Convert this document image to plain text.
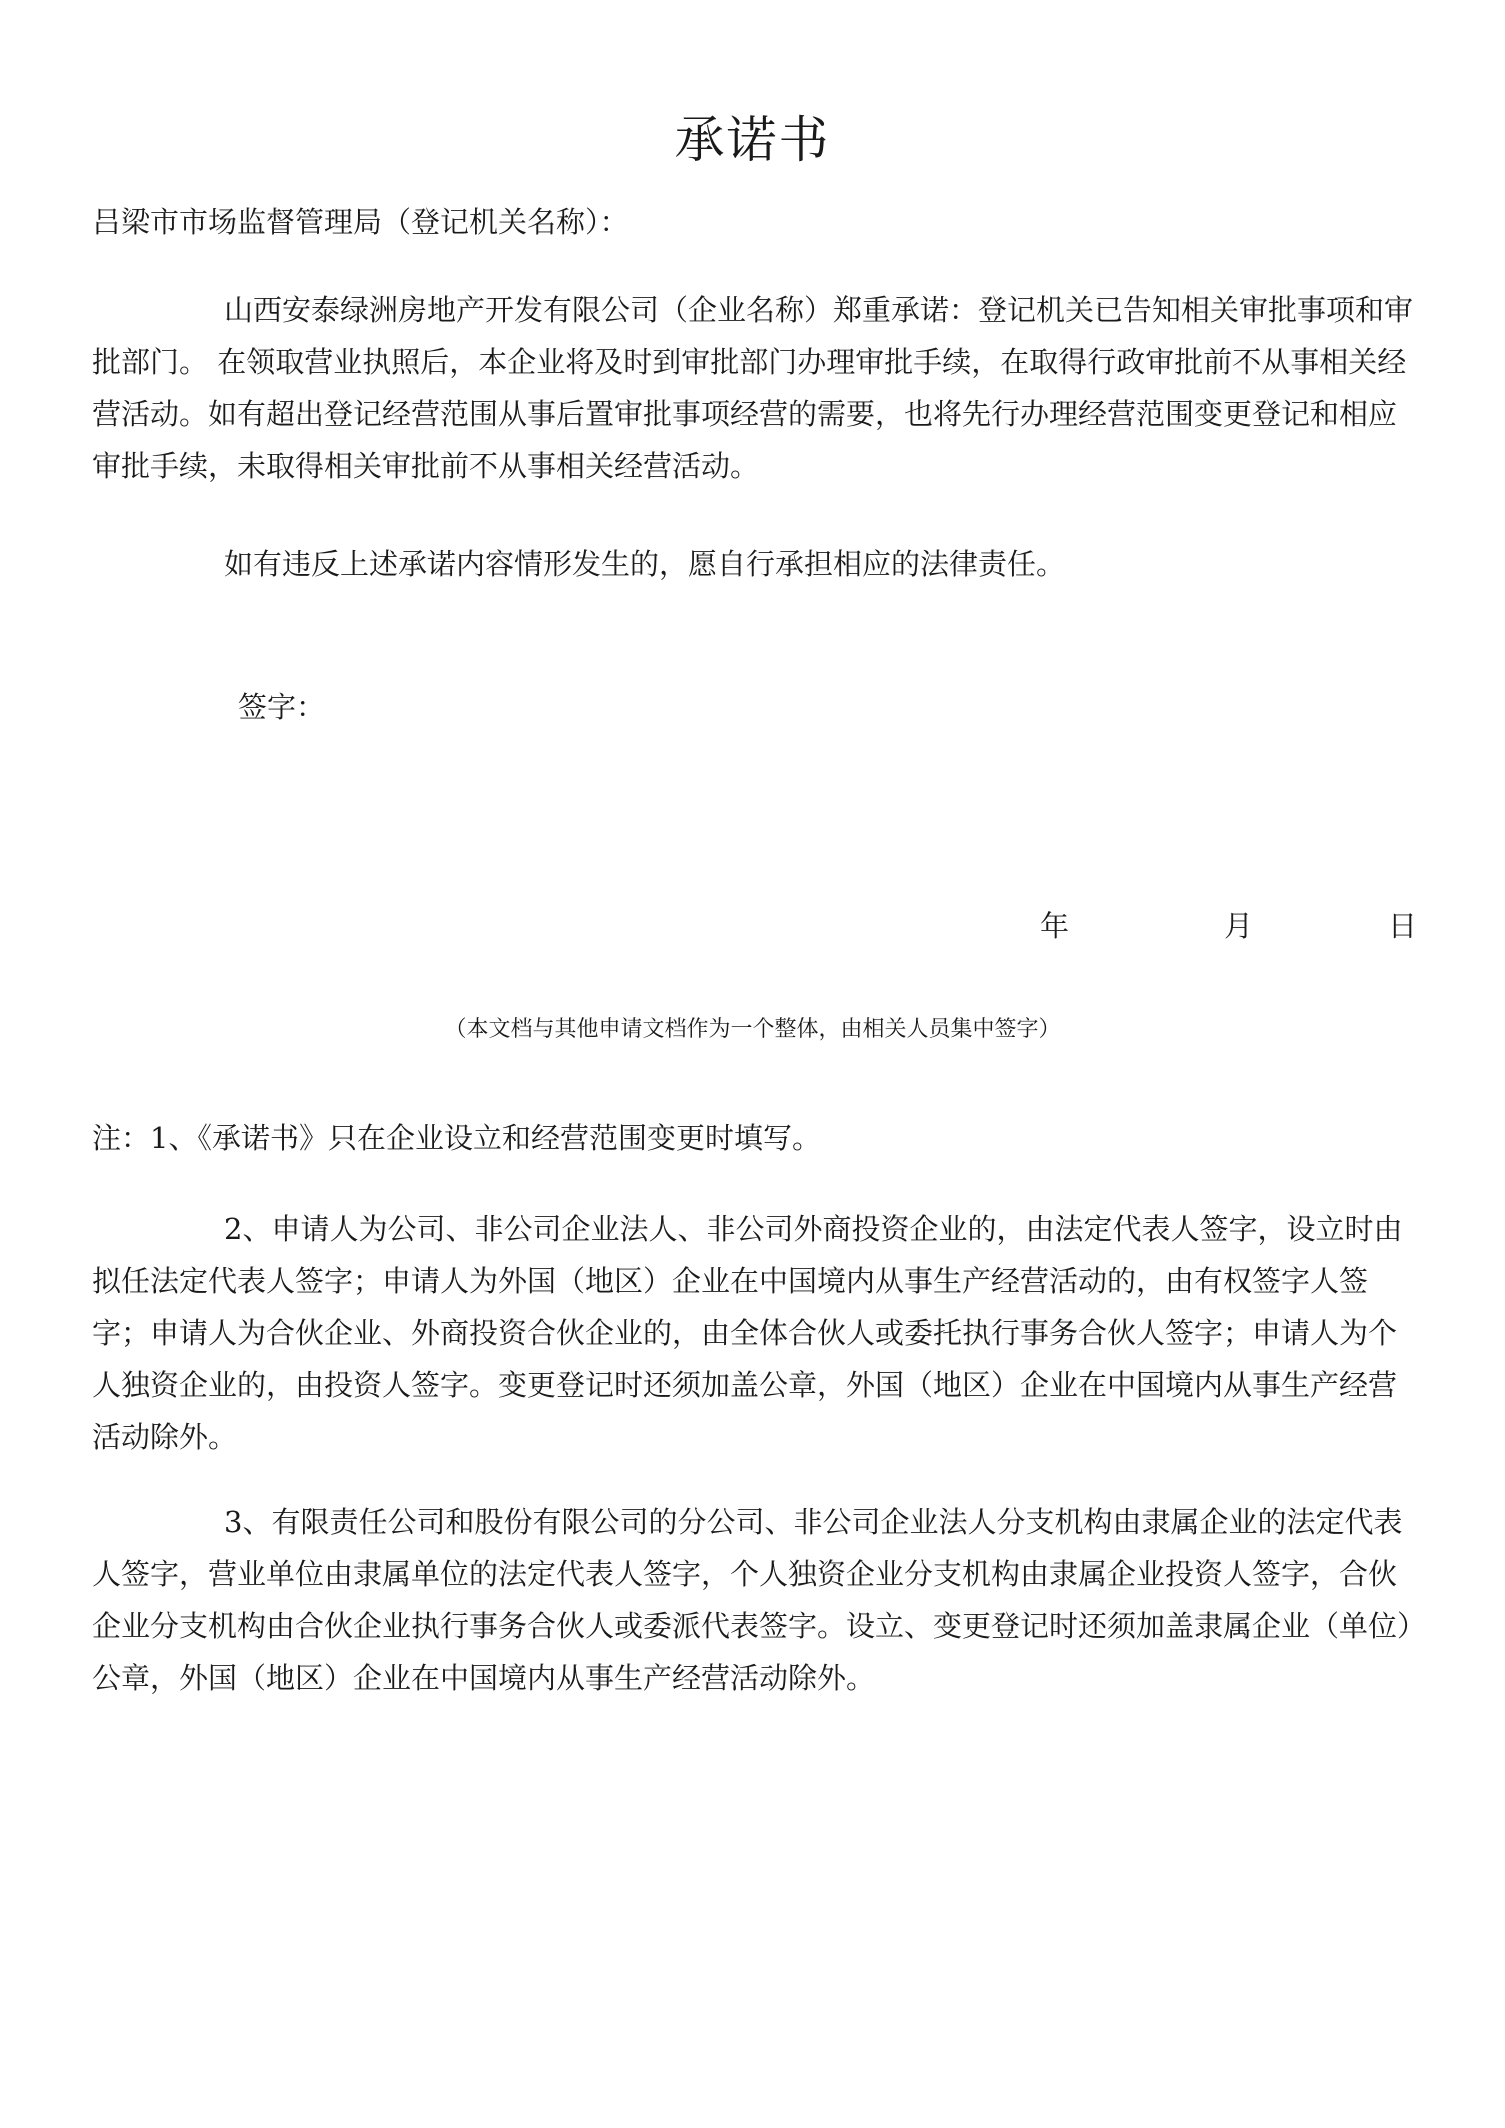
承诺书

吕梁市市场监督管理局（登记机关名称）：

山西安泰绿洲房地产开发有限公司（企业名称）郑重承诺：登记机关已告知相关审批事项和审批部门。 在领取营业执照后，本企业将及时到审批部门办理审批手续，在取得行政审批前不从事相关经营活动。如有超出登记经营范围从事后置审批事项经营的需要，也将先行办理经营范围变更登记和相应审批手续，未取得相关审批前不从事相关经营活动。

如有违反上述承诺内容情形发生的，愿自行承担相应的法律责任。

签字：
年	月	日
（本文档与其他申请文档作为一个整体，由相关人员集中签字）

注：1、《承诺书》只在企业设立和经营范围变更时填写。

2、申请人为公司、非公司企业法人、非公司外商投资企业的，由法定代表人签字，设立时由拟任法定代表人签字；申请人为外国（地区）企业在中国境内从事生产经营活动的，由有权签字人签字；申请人为合伙企业、外商投资合伙企业的，由全体合伙人或委托执行事务合伙人签字；申请人为个人独资企业的，由投资人签字。变更登记时还须加盖公章，外国（地区）企业在中国境内从事生产经营活动除外。

3、有限责任公司和股份有限公司的分公司、非公司企业法人分支机构由隶属企业的法定代表人签字，营业单位由隶属单位的法定代表人签字，个人独资企业分支机构由隶属企业投资人签字，合伙企业分支机构由合伙企业执行事务合伙人或委派代表签字。设立、变更登记时还须加盖隶属企业（单位）公章，外国（地区）企业在中国境内从事生产经营活动除外。
